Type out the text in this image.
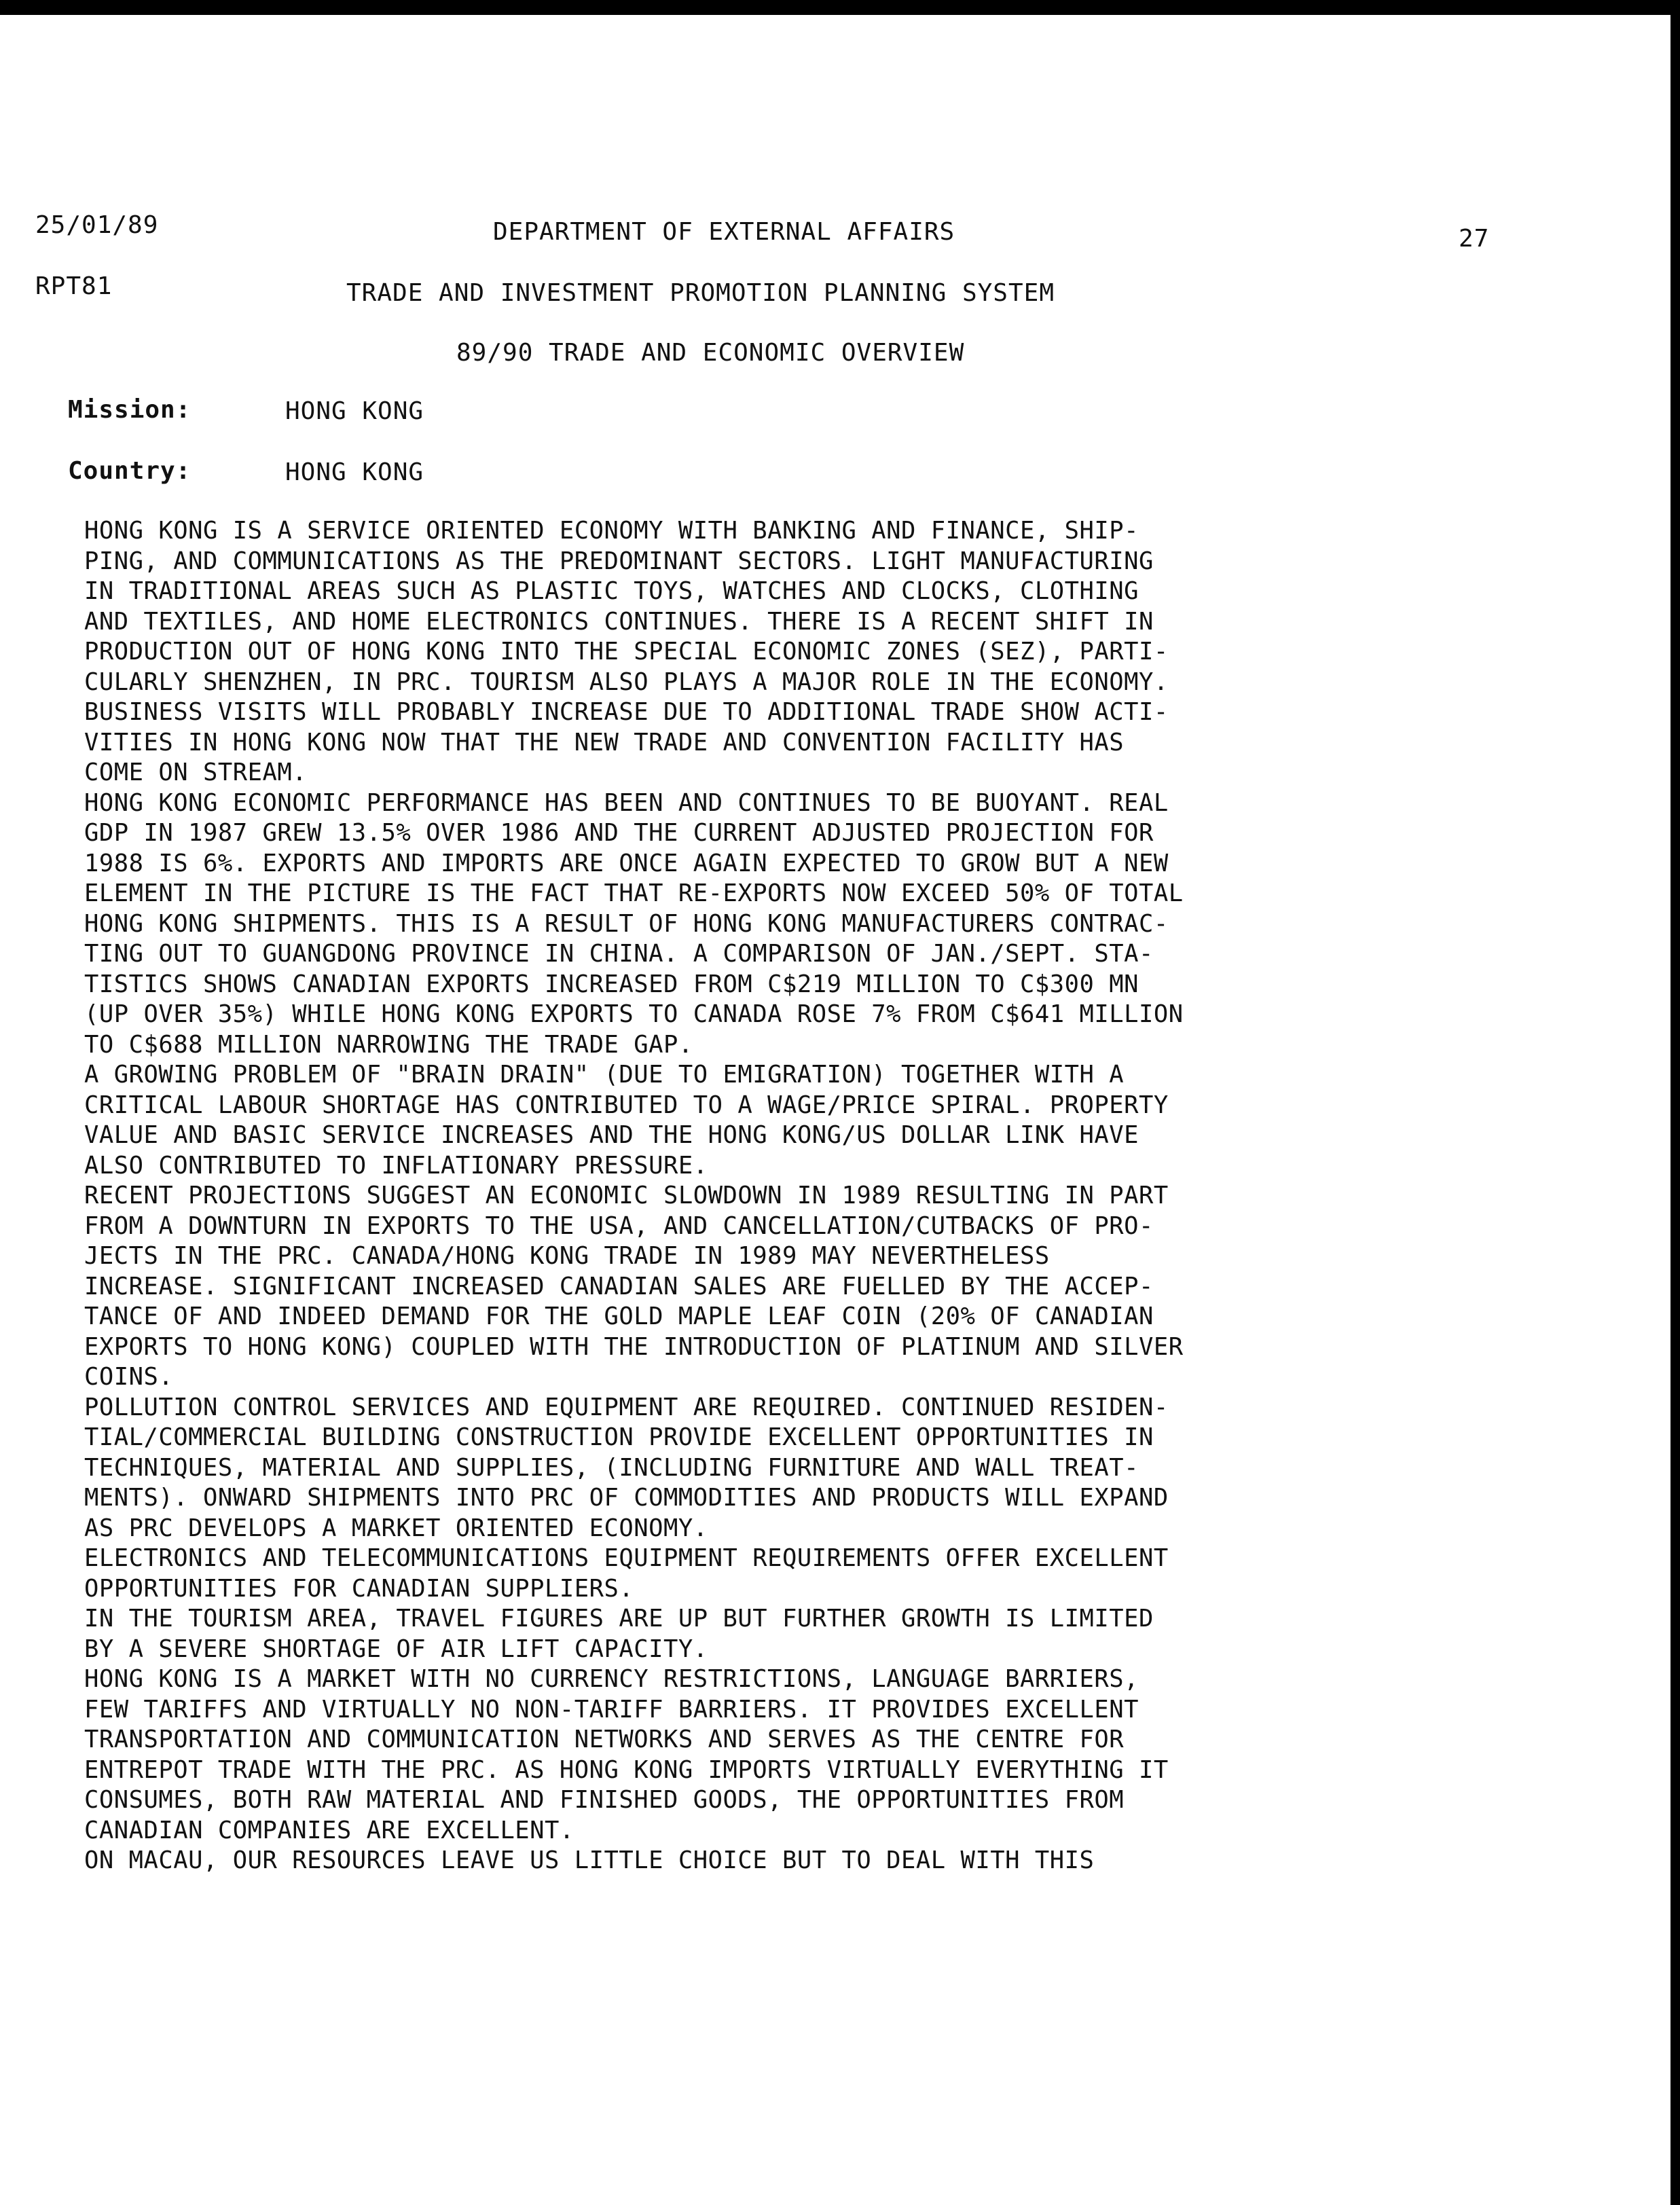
25/01/89	DEPARTMENT OF EXTERNAL AFFAIRS	27
RPT81	TRADE AND INVESTMENT PROMOTION PLANNING SYSTEM
89/90 TRADE AND ECONOMIC OVERVIEW
Mission:	HONG KONG
Country:	HONG KONG
HONG KONG IS A SERVICE ORIENTED ECONOMY WITH BANKING AND FINANCE, SHIP-
PING, AND COMMUNICATIONS AS THE PREDOMINANT SECTORS. LIGHT MANUFACTURING
IN TRADITIONAL AREAS SUCH AS PLASTIC TOYS, WATCHES AND CLOCKS, CLOTHING
AND TEXTILES, AND HOME ELECTRONICS CONTINUES. THERE IS A RECENT SHIFT IN
PRODUCTION OUT OF HONG KONG INTO THE SPECIAL ECONOMIC ZONES (SEZ), PARTI-
CULARLY SHENZHEN, IN PRC. TOURISM ALSO PLAYS A MAJOR ROLE IN THE ECONOMY.
BUSINESS VISITS WILL PROBABLY INCREASE DUE TO ADDITIONAL TRADE SHOW ACTI-
VITIES IN HONG KONG NOW THAT THE NEW TRADE AND CONVENTION FACILITY HAS
COME ON STREAM.
HONG KONG ECONOMIC PERFORMANCE HAS BEEN AND CONTINUES TO BE BUOYANT. REAL
GDP IN 1987 GREW 13.5% OVER 1986 AND THE CURRENT ADJUSTED PROJECTION FOR
1988 IS 6%. EXPORTS AND IMPORTS ARE ONCE AGAIN EXPECTED TO GROW BUT A NEW
ELEMENT IN THE PICTURE IS THE FACT THAT RE-EXPORTS NOW EXCEED 50% OF TOTAL
HONG KONG SHIPMENTS. THIS IS A RESULT OF HONG KONG MANUFACTURERS CONTRAC-
TING OUT TO GUANGDONG PROVINCE IN CHINA. A COMPARISON OF JAN./SEPT. STA-
TISTICS SHOWS CANADIAN EXPORTS INCREASED FROM C$219 MILLION TO C$300 MN
(UP OVER 35%) WHILE HONG KONG EXPORTS TO CANADA ROSE 7% FROM C$641 MILLION
TO C$688 MILLION NARROWING THE TRADE GAP.
A GROWING PROBLEM OF "BRAIN DRAIN" (DUE TO EMIGRATION) TOGETHER WITH A
CRITICAL LABOUR SHORTAGE HAS CONTRIBUTED TO A WAGE/PRICE SPIRAL. PROPERTY
VALUE AND BASIC SERVICE INCREASES AND THE HONG KONG/US DOLLAR LINK HAVE
ALSO CONTRIBUTED TO INFLATIONARY PRESSURE.
RECENT PROJECTIONS SUGGEST AN ECONOMIC SLOWDOWN IN 1989 RESULTING IN PART
FROM A DOWNTURN IN EXPORTS TO THE USA, AND CANCELLATION/CUTBACKS OF PRO-
JECTS IN THE PRC. CANADA/HONG KONG TRADE IN 1989 MAY NEVERTHELESS
INCREASE. SIGNIFICANT INCREASED CANADIAN SALES ARE FUELLED BY THE ACCEP-
TANCE OF AND INDEED DEMAND FOR THE GOLD MAPLE LEAF COIN (20% OF CANADIAN
EXPORTS TO HONG KONG) COUPLED WITH THE INTRODUCTION OF PLATINUM AND SILVER
COINS.
POLLUTION CONTROL SERVICES AND EQUIPMENT ARE REQUIRED. CONTINUED RESIDEN-
TIAL/COMMERCIAL BUILDING CONSTRUCTION PROVIDE EXCELLENT OPPORTUNITIES IN
TECHNIQUES, MATERIAL AND SUPPLIES, (INCLUDING FURNITURE AND WALL TREAT-
MENTS). ONWARD SHIPMENTS INTO PRC OF COMMODITIES AND PRODUCTS WILL EXPAND
AS PRC DEVELOPS A MARKET ORIENTED ECONOMY.
ELECTRONICS AND TELECOMMUNICATIONS EQUIPMENT REQUIREMENTS OFFER EXCELLENT
OPPORTUNITIES FOR CANADIAN SUPPLIERS.
IN THE TOURISM AREA, TRAVEL FIGURES ARE UP BUT FURTHER GROWTH IS LIMITED
BY A SEVERE SHORTAGE OF AIR LIFT CAPACITY.
HONG KONG IS A MARKET WITH NO CURRENCY RESTRICTIONS, LANGUAGE BARRIERS,
FEW TARIFFS AND VIRTUALLY NO NON-TARIFF BARRIERS. IT PROVIDES EXCELLENT
TRANSPORTATION AND COMMUNICATION NETWORKS AND SERVES AS THE CENTRE FOR
ENTREPOT TRADE WITH THE PRC. AS HONG KONG IMPORTS VIRTUALLY EVERYTHING IT
CONSUMES, BOTH RAW MATERIAL AND FINISHED GOODS, THE OPPORTUNITIES FROM
CANADIAN COMPANIES ARE EXCELLENT.
ON MACAU, OUR RESOURCES LEAVE US LITTLE CHOICE BUT TO DEAL WITH THIS
